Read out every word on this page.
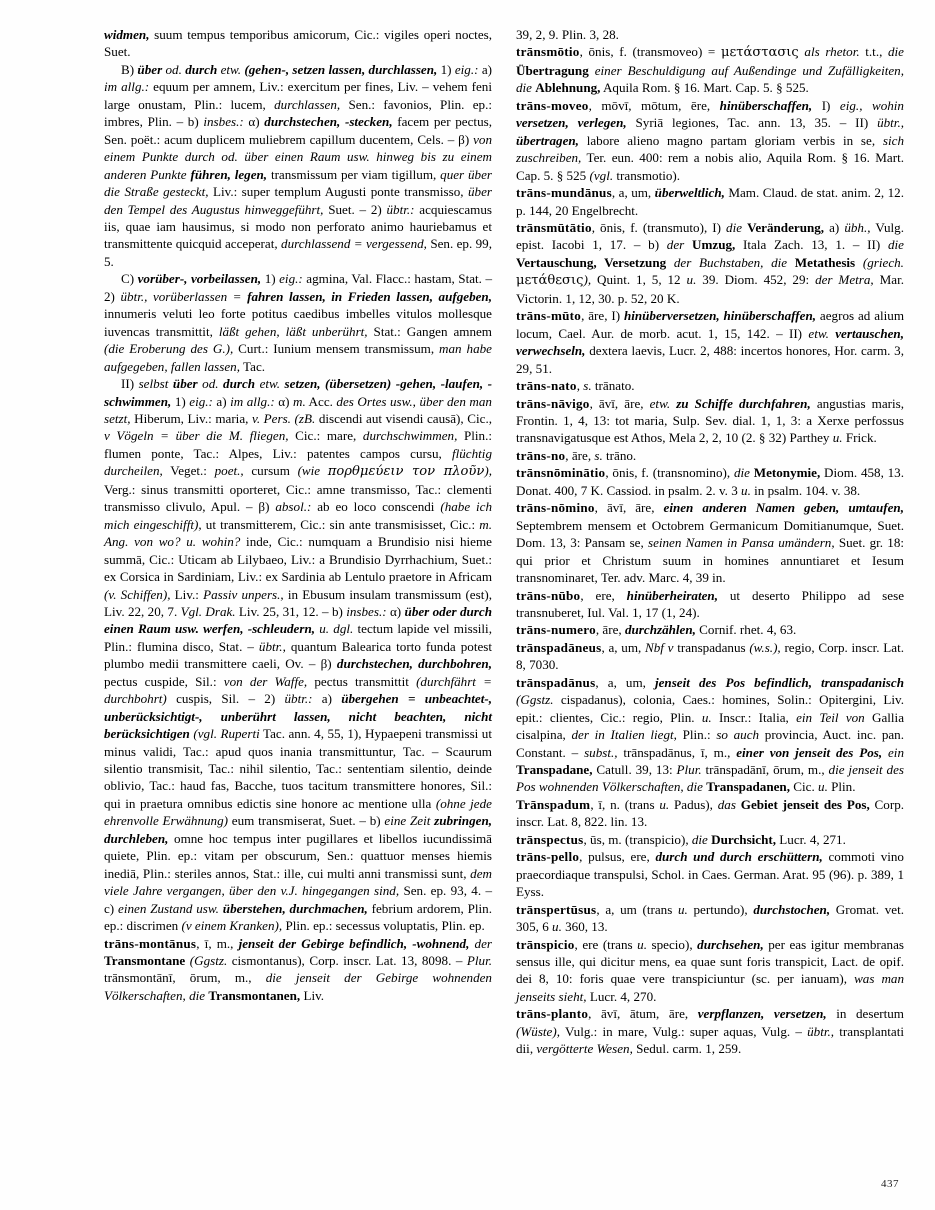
widmen, suum tempus temporibus amicorum, Cic.: vigiles operi noctes, Suet.

B) über od. durch etw. (gehen-, setzen lassen, durchlassen, 1) eig.: a) im allg.: equum per amnem, Liv.: exercitum per fines, Liv. – vehem feni large onustam, Plin.: lucem, durchlassen, Sen.: favonios, Plin. ep.: imbres, Plin. – b) insbes.: α) durchstechen, -stecken, facem per pectus, Sen. poët.: acum duplicem muliebrem capillum ducentem, Cels. – β) von einem Punkte durch od. über einen Raum usw. hinweg bis zu einem anderen Punkte führen, legen, transmissum per viam tigillum, quer über die Straße gesteckt, Liv.: super templum Augusti ponte transmisso, über den Tempel des Augustus hinweggeführt, Suet. – 2) übtr.: acquiescamus iis, quae iam hausimus, si modo non perforato animo hauriebamus et transmittente quicquid acceperat, durchlassend = vergessend, Sen. ep. 99, 5.

C) vorüber-, vorbeilassen, 1) eig.: agmina, Val. Flacc.: hastam, Stat. – 2) übtr., vorüberlassen = fahren lassen, in Frieden lassen, aufgeben, innumeris veluti leo forte potitus caedibus imbelles vitulos mollesque iuvencas transmittit, läßt gehen, läßt unberührt, Stat.: Gangen amnem (die Eroberung des G.), Curt.: Iunium mensem transmissum, man habe aufgegeben, fallen lassen, Tac.

II) selbst über od. durch etw. setzen, (übersetzen) -gehen, -laufen, -schwimmen, 1) eig.: a) im allg.: α) m. Acc. des Ortes usw., über den man setzt, Hiberum, Liv.: maria, v. Pers. (zB. discendi aut visendi causā), Cic., v Vögeln = über die M. fliegen, Cic.: mare, durchschwimmen, Plin.: flumen ponte, Tac.: Alpes, Liv.: patentes campos cursu, flüchtig durcheilen, Veget.: poet., cursum (wie πορθμεύειν τον πλοῦν), Verg.: sinus transmitti oporteret, Cic.: amne transmisso, Tac.: clementi transmisso clivulo, Apul. – β) absol.: ab eo loco conscendi (habe ich mich eingeschifft), ut transmitterem, Cic.: sin ante transmisisset, Cic.: m. Ang. von wo? u. wohin? inde, Cic.: numquam a Brundisio nisi hieme summā, Cic.: Uticam ab Lilybaeo, Liv.: a Brundisio Dyrrhachium, Suet.: ex Corsica in Sardiniam, Liv.: ex Sardinia ab Lentulo praetore in Africam (v. Schiffen), Liv.: Passiv unpers., in Ebusum insulam transmissum (est), Liv. 22, 20, 7. Vgl. Drak. Liv. 25, 31, 12. – b) insbes.: α) über oder durch einen Raum usw. werfen, -schleudern, u. dgl. tectum lapide vel missili, Plin.: flumina disco, Stat. – übtr., quantum Balearica torto funda potest plumbo medii transmittere caeli, Ov. – β) durchstechen, durchbohren, pectus cuspide, Sil.: von der Waffe, pectus transmittit (durchfährt = durchbohrt) cuspis, Sil. – 2) übtr.: a) übergehen = unbeachtet-, unberücksichtigt-, unberührt lassen, nicht beachten, nicht berücksichtigen (vgl. Ruperti Tac. ann. 4, 55, 1), Hypaepeni transmissi ut minus validi, Tac.: apud quos inania transmittuntur, Tac. – Scaurum silentio transmisit, Tac.: nihil silentio, Tac.: sententiam silentio, deinde oblivio, Tac.: haud fas, Bacche, tuos tacitum transmittere honores, Sil.: qui in praetura omnibus edictis sine honore ac mentione ulla (ohne jede ehrenvolle Erwähnung) eum transmiserat, Suet. – b) eine Zeit zubringen, durchleben, omne hoc tempus inter pugillares et libellos iucundissimā quiete, Plin. ep.: vitam per obscurum, Sen.: quattuor menses hiemis inediā, Plin.: steriles annos, Stat.: ille, cui multi anni transmissi sunt, dem viele Jahre vergangen, über den v.J. hingegangen sind, Sen. ep. 93, 4. – c) einen Zustand usw. überstehen, durchmachen, febrium ardorem, Plin. ep.: discrimen (v einem Kranken), Plin. ep.: secessus voluptatis, Plin. ep.

trāns-montānus, ī, m., jenseit der Gebirge befindlich, -wohnend, der Transmontane (Ggstz. cismontanus), Corp. inscr. Lat. 13, 8098. – Plur. trānsmontānī, ōrum, m., die jenseit der Gebirge wohnenden Völkerschaften, die Transmontanen, Liv.

39, 2, 9. Plin. 3, 28.

trānsmōtio, ōnis, f. (transmoveo) = μετάστασις als rhetor. t.t., die Übertragung einer Beschuldigung auf Außendinge und Zufälligkeiten, die Ablehnung, Aquila Rom. § 16. Mart. Cap. 5. § 525.

trāns-moveo, mōvī, mōtum, ēre, hinüberschaffen, I) eig., wohin versetzen, verlegen, Syriā legiones, Tac. ann. 13, 35. – II) übtr., übertragen, labore alieno magno partam gloriam verbis in se, sich zuschreiben, Ter. eun. 400: rem a nobis alio, Aquila Rom. § 16. Mart. Cap. 5. § 525 (vgl. transmotio).

trāns-mundānus, a, um, überweltlich, Mam. Claud. de stat. anim. 2, 12. p. 144, 20 Engelbrecht.

trānsmūtātio, ōnis, f. (transmuto), I) die Veränderung, a) übh., Vulg. epist. Iacobi 1, 17. – b) der Umzug, Itala Zach. 13, 1. – II) die Vertauschung, Versetzung der Buchstaben, die Metathesis (griech. μετάθεσις), Quint. 1, 5, 12 u. 39. Diom. 452, 29: der Metra, Mar. Victorin. 1, 12, 30. p. 52, 20 K.

trāns-mūto, āre, I) hinüberversetzen, hinüberschaffen, aegros ad alium locum, Cael. Aur. de morb. acut. 1, 15, 142. – II) etw. vertauschen, verwechseln, dextera laevis, Lucr. 2, 488: incertos honores, Hor. carm. 3, 29, 51.

trāns-nato, s. trānato.

trāns-nāvigo, āvī, āre, etw. zu Schiffe durchfahren, angustias maris, Frontin. 1, 4, 13: tot maria, Sulp. Sev. dial. 1, 1, 3: a Xerxe perfossus transnavigatusque est Athos, Mela 2, 2, 10 (2. § 32) Parthey u. Frick.

trāns-no, āre, s. trāno.

trānsnōminātio, ōnis, f. (transnomino), die Metonymie, Diom. 458, 13. Donat. 400, 7 K. Cassiod. in psalm. 2. v. 3 u. in psalm. 104. v. 38.

trāns-nōmino, āvī, āre, einen anderen Namen geben, umtaufen, Septembrem mensem et Octobrem Germanicum Domitianumque, Suet. Dom. 13, 3: Pansam se, seinen Namen in Pansa umändern, Suet. gr. 18: qui prior et Christum suum in homines annuntiaret et Iesum transnominaret, Ter. adv. Marc. 4, 39 in.

trāns-nūbo, ere, hinüberheiraten, ut deserto Philippo ad sese transnuberet, Iul. Val. 1, 17 (1, 24).

trāns-numero, āre, durchzählen, Cornif. rhet. 4, 63.

trānspadāneus, a, um, Nbf v transpadanus (w.s.), regio, Corp. inscr. Lat. 8, 7030.

trānspadānus, a, um, jenseit des Pos befindlich, transpadanisch (Ggstz. cispadanus), colonia, Caes.: homines, Solin.: Opitergini, Liv. epit.: clientes, Cic.: regio, Plin. u. Inscr.: Italia, ein Teil von Gallia cisalpina, der in Italien liegt, Plin.: so auch provincia, Auct. inc. pan. Constant. – subst., trānspadānus, ī, m., einer von jenseit des Pos, ein Transpadane, Catull. 39, 13: Plur. trānspadānī, ōrum, m., die jenseit des Pos wohnenden Völkerschaften, die Transpadanen, Cic. u. Plin.

Trānspadum, ī, n. (trans u. Padus), das Gebiet jenseit des Pos, Corp. inscr. Lat. 8, 822. lin. 13.

trānspectus, ūs, m. (transpicio), die Durchsicht, Lucr. 4, 271.

trāns-pello, pulsus, ere, durch und durch erschüttern, commoti vino praecordiaque transpulsi, Schol. in Caes. German. Arat. 95 (96). p. 389, 1 Eyss.

trānspertūsus, a, um (trans u. pertundo), durchstochen, Gromat. vet. 305, 6 u. 360, 13.

trānspicio, ere (trans u. specio), durchsehen, per eas igitur membranas sensus ille, qui dicitur mens, ea quae sunt foris transpicit, Lact. de opif. dei 8, 10: foris quae vere transpiciuntur (sc. per ianuam), was man jenseits sieht, Lucr. 4, 270.

trāns-planto, āvī, ātum, āre, verpflanzen, versetzen, in desertum (Wüste), Vulg.: in mare, Vulg.: super aquas, Vulg. – übtr., transplantati dii, vergötterte Wesen, Sedul. carm. 1, 259.

437
